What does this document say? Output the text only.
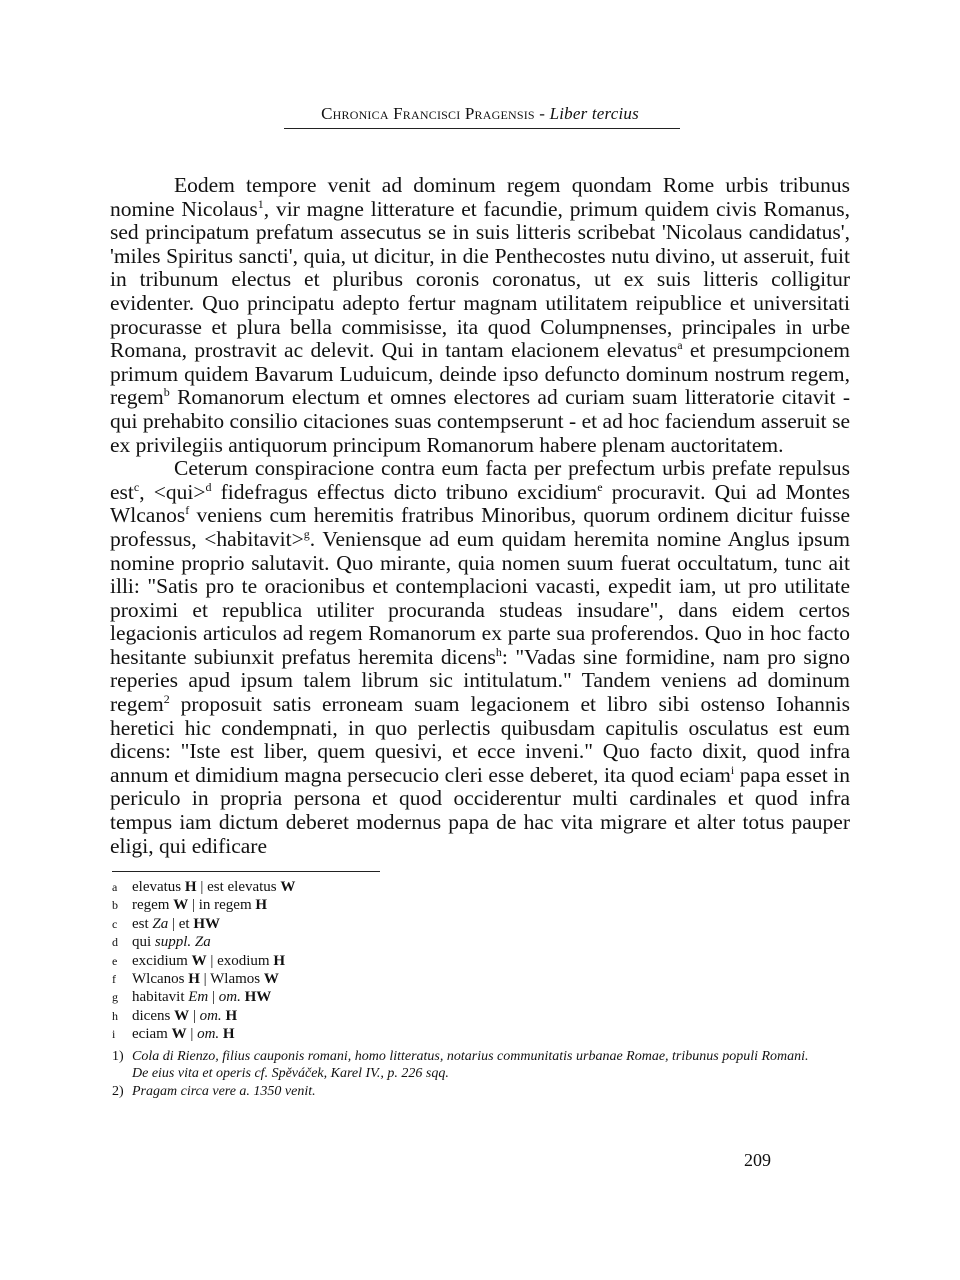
Chronica Francisci Pragensis - Liber tercius

Eodem tempore venit ad dominum regem quondam Rome urbis tribunus nomine Nicolaus$^1$, vir magne litterature et facundie, primum quidem civis Romanus, sed principatum prefatum assecutus se in suis litteris scribebat 'Nicolaus candidatus', 'miles Spiritus sancti', quia, ut dicitur, in die Penthecostes nutu divino, ut asseruit, fuit in tribunum electus et pluribus coronis coronatus, ut ex suis litteris colligitur evidenter. Quo principatu adepto fertur magnam utilitatem reipublice et universitati procurasse et plura bella commisisse, ita quod Columpnenses, principales in urbe Romana, prostravit ac delevit. Qui in tantam elacionem elevatus$^a$ et presumpcionem primum quidem Bavarum Luduicum, deinde ipso defuncto dominum nostrum regem, regem$^b$ Romanorum electum et omnes electores ad curiam suam litteratorie citavit - qui prehabito consilio citaciones suas contempserunt - et ad hoc faciendum asseruit se ex privilegiis antiquorum principum Romanorum habere plenam auctoritatem.

Ceterum conspiracione contra eum facta per prefectum urbis prefate repulsus est$^c$, <qui>$^d$ fidefragus effectus dicto tribuno excidium$^e$ procuravit. Qui ad Montes Wlcanos$^f$ veniens cum heremitis fratribus Minoribus, quorum ordinem dicitur fuisse professus, <habitavit>$^g$. Veniensque ad eum quidam heremita nomine Anglus ipsum nomine proprio salutavit. Quo mirante, quia nomen suum fuerat occultatum, tunc ait illi: "Satis pro te oracionibus et contemplacioni vacasti, expedit iam, ut pro utilitate proximi et republica utiliter procuranda studeas insudare", dans eidem certos legacionis articulos ad regem Romanorum ex parte sua proferendos. Quo in hoc facto hesitante subiunxit prefatus heremita dicens$^h$: "Vadas sine formidine, nam pro signo reperies apud ipsum talem librum sic intitulatum." Tandem veniens ad dominum regem$^2$ proposuit satis erroneam suam legacionem et libro sibi ostenso Iohannis heretici hic condempnati, in quo perlectis quibusdam capitulis osculatus est eum dicens: "Iste est liber, quem quesivi, et ecce inveni." Quo facto dixit, quod infra annum et dimidium magna persecucio cleri esse deberet, ita quod eciam$^i$ papa esset in periculo in propria persona et quod occiderentur multi cardinales et quod infra tempus iam dictum deberet modernus papa de hac vita migrare et alter totus pauper eligi, qui edificare

a elevatus H | est elevatus W
b regem W | in regem H
c est Za | et HW
d qui suppl. Za
e excidium W | exodium H
f	Wlcanos H | Wlamos W
g habitavit Em | om. HW
h dicens W | om. H
i	eciam W | om. H
1) Cola di Rienzo, filius cauponis romani, homo litteratus, notarius communitatis urbanae Romae, tribunus populi Romani.
De eius vita et operis cf. Spěváček, Karel IV., p. 226 sqq.
2) Pragam circa vere a. 1350 venit.
209
